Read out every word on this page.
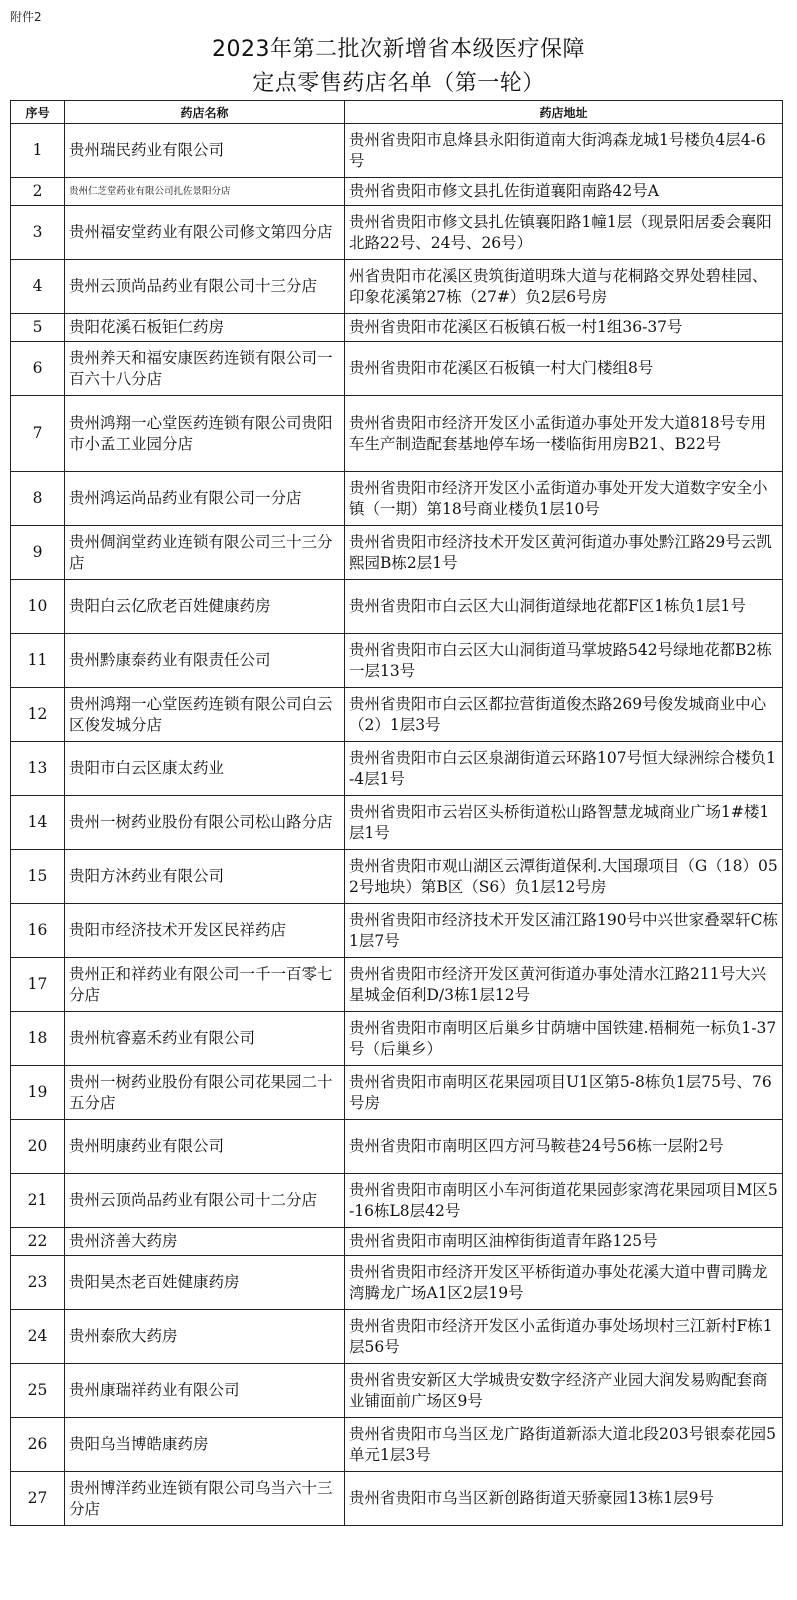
附件2
2023年第二批次新增省本级医疗保障
定点零售药店名单（第一轮）
序号	药店名称	药店地址
1	贵州瑞民药业有限公司	贵州省贵阳市息烽县永阳街道南大街鸿森龙城1号楼负4层4-6号
2	贵州仁芝堂药业有限公司扎佐景阳分店	贵州省贵阳市修文县扎佐街道襄阳南路42号A
3	贵州福安堂药业有限公司修文第四分店	贵州省贵阳市修文县扎佐镇襄阳路1幢1层（现景阳居委会襄阳北路22号、24号、26号）
4	贵州云顶尚品药业有限公司十三分店	州省贵阳市花溪区贵筑街道明珠大道与花桐路交界处碧桂园、印象花溪第27栋（27#）负2层6号房
5	贵阳花溪石板钜仁药房	贵州省贵阳市花溪区石板镇石板一村1组36-37号
6	贵州养天和福安康医药连锁有限公司一百六十八分店	贵州省贵阳市花溪区石板镇一村大门楼组8号
7	贵州鸿翔一心堂医药连锁有限公司贵阳市小孟工业园分店	贵州省贵阳市经济开发区小孟街道办事处开发大道818号专用车生产制造配套基地停车场一楼临街用房B21、B22号
8	贵州鸿运尚品药业有限公司一分店	贵州省贵阳市经济开发区小孟街道办事处开发大道数字安全小镇（一期）第18号商业楼负1层10号
9	贵州倜润堂药业连锁有限公司三十三分店	贵州省贵阳市经济技术开发区黄河街道办事处黔江路29号云凯熙园B栋2层1号
10	贵阳白云亿欣老百姓健康药房	贵州省贵阳市白云区大山洞街道绿地花都F区1栋负1层1号
11	贵州黔康泰药业有限责任公司	贵州省贵阳市白云区大山洞街道马掌坡路542号绿地花都B2栋一层13号
12	贵州鸿翔一心堂医药连锁有限公司白云区俊发城分店	贵州省贵阳市白云区都拉营街道俊杰路269号俊发城商业中心（2）1层3号
13	贵阳市白云区康太药业	贵州省贵阳市白云区泉湖街道云环路107号恒大绿洲综合楼负1-4层1号
14	贵州一树药业股份有限公司松山路分店	贵州省贵阳市云岩区头桥街道松山路智慧龙城商业广场1#楼1层1号
15	贵阳方沐药业有限公司	贵州省贵阳市观山湖区云潭街道保利.大国璟项目（G（18）052号地块）第B区（S6）负1层12号房
16	贵阳市经济技术开发区民祥药店	贵州省贵阳市经济技术开发区浦江路190号中兴世家叠翠轩C栋1层7号
17	贵州正和祥药业有限公司一千一百零七分店	贵州省贵阳市经济开发区黄河街道办事处清水江路211号大兴星城金佰利D/3栋1层12号
18	贵州杭睿嘉禾药业有限公司	贵州省贵阳市南明区后巢乡甘荫塘中国铁建.梧桐苑一标负1-37号（后巢乡）
19	贵州一树药业股份有限公司花果园二十五分店	贵州省贵阳市南明区花果园项目U1区第5-8栋负1层75号、76号房
20	贵州明康药业有限公司	贵州省贵阳市南明区四方河马鞍巷24号56栋一层附2号
21	贵州云顶尚品药业有限公司十二分店	贵州省贵阳市南明区小车河街道花果园彭家湾花果园项目M区5-16栋L8层42号
22	贵州济善大药房	贵州省贵阳市南明区油榨街街道青年路125号
23	贵阳昊杰老百姓健康药房	贵州省贵阳市经济开发区平桥街道办事处花溪大道中曹司腾龙湾腾龙广场A1区2层19号
24	贵州泰欣大药房	贵州省贵阳市经济开发区小孟街道办事处场坝村三江新村F栋1层56号
25	贵州康瑞祥药业有限公司	贵州省贵安新区大学城贵安数字经济产业园大润发易购配套商业铺面前广场区9号
26	贵阳乌当博皓康药房	贵州省贵阳市乌当区龙广路街道新添大道北段203号银泰花园5单元1层3号
27	贵州博洋药业连锁有限公司乌当六十三分店	贵州省贵阳市乌当区新创路街道天骄豪园13栋1层9号
